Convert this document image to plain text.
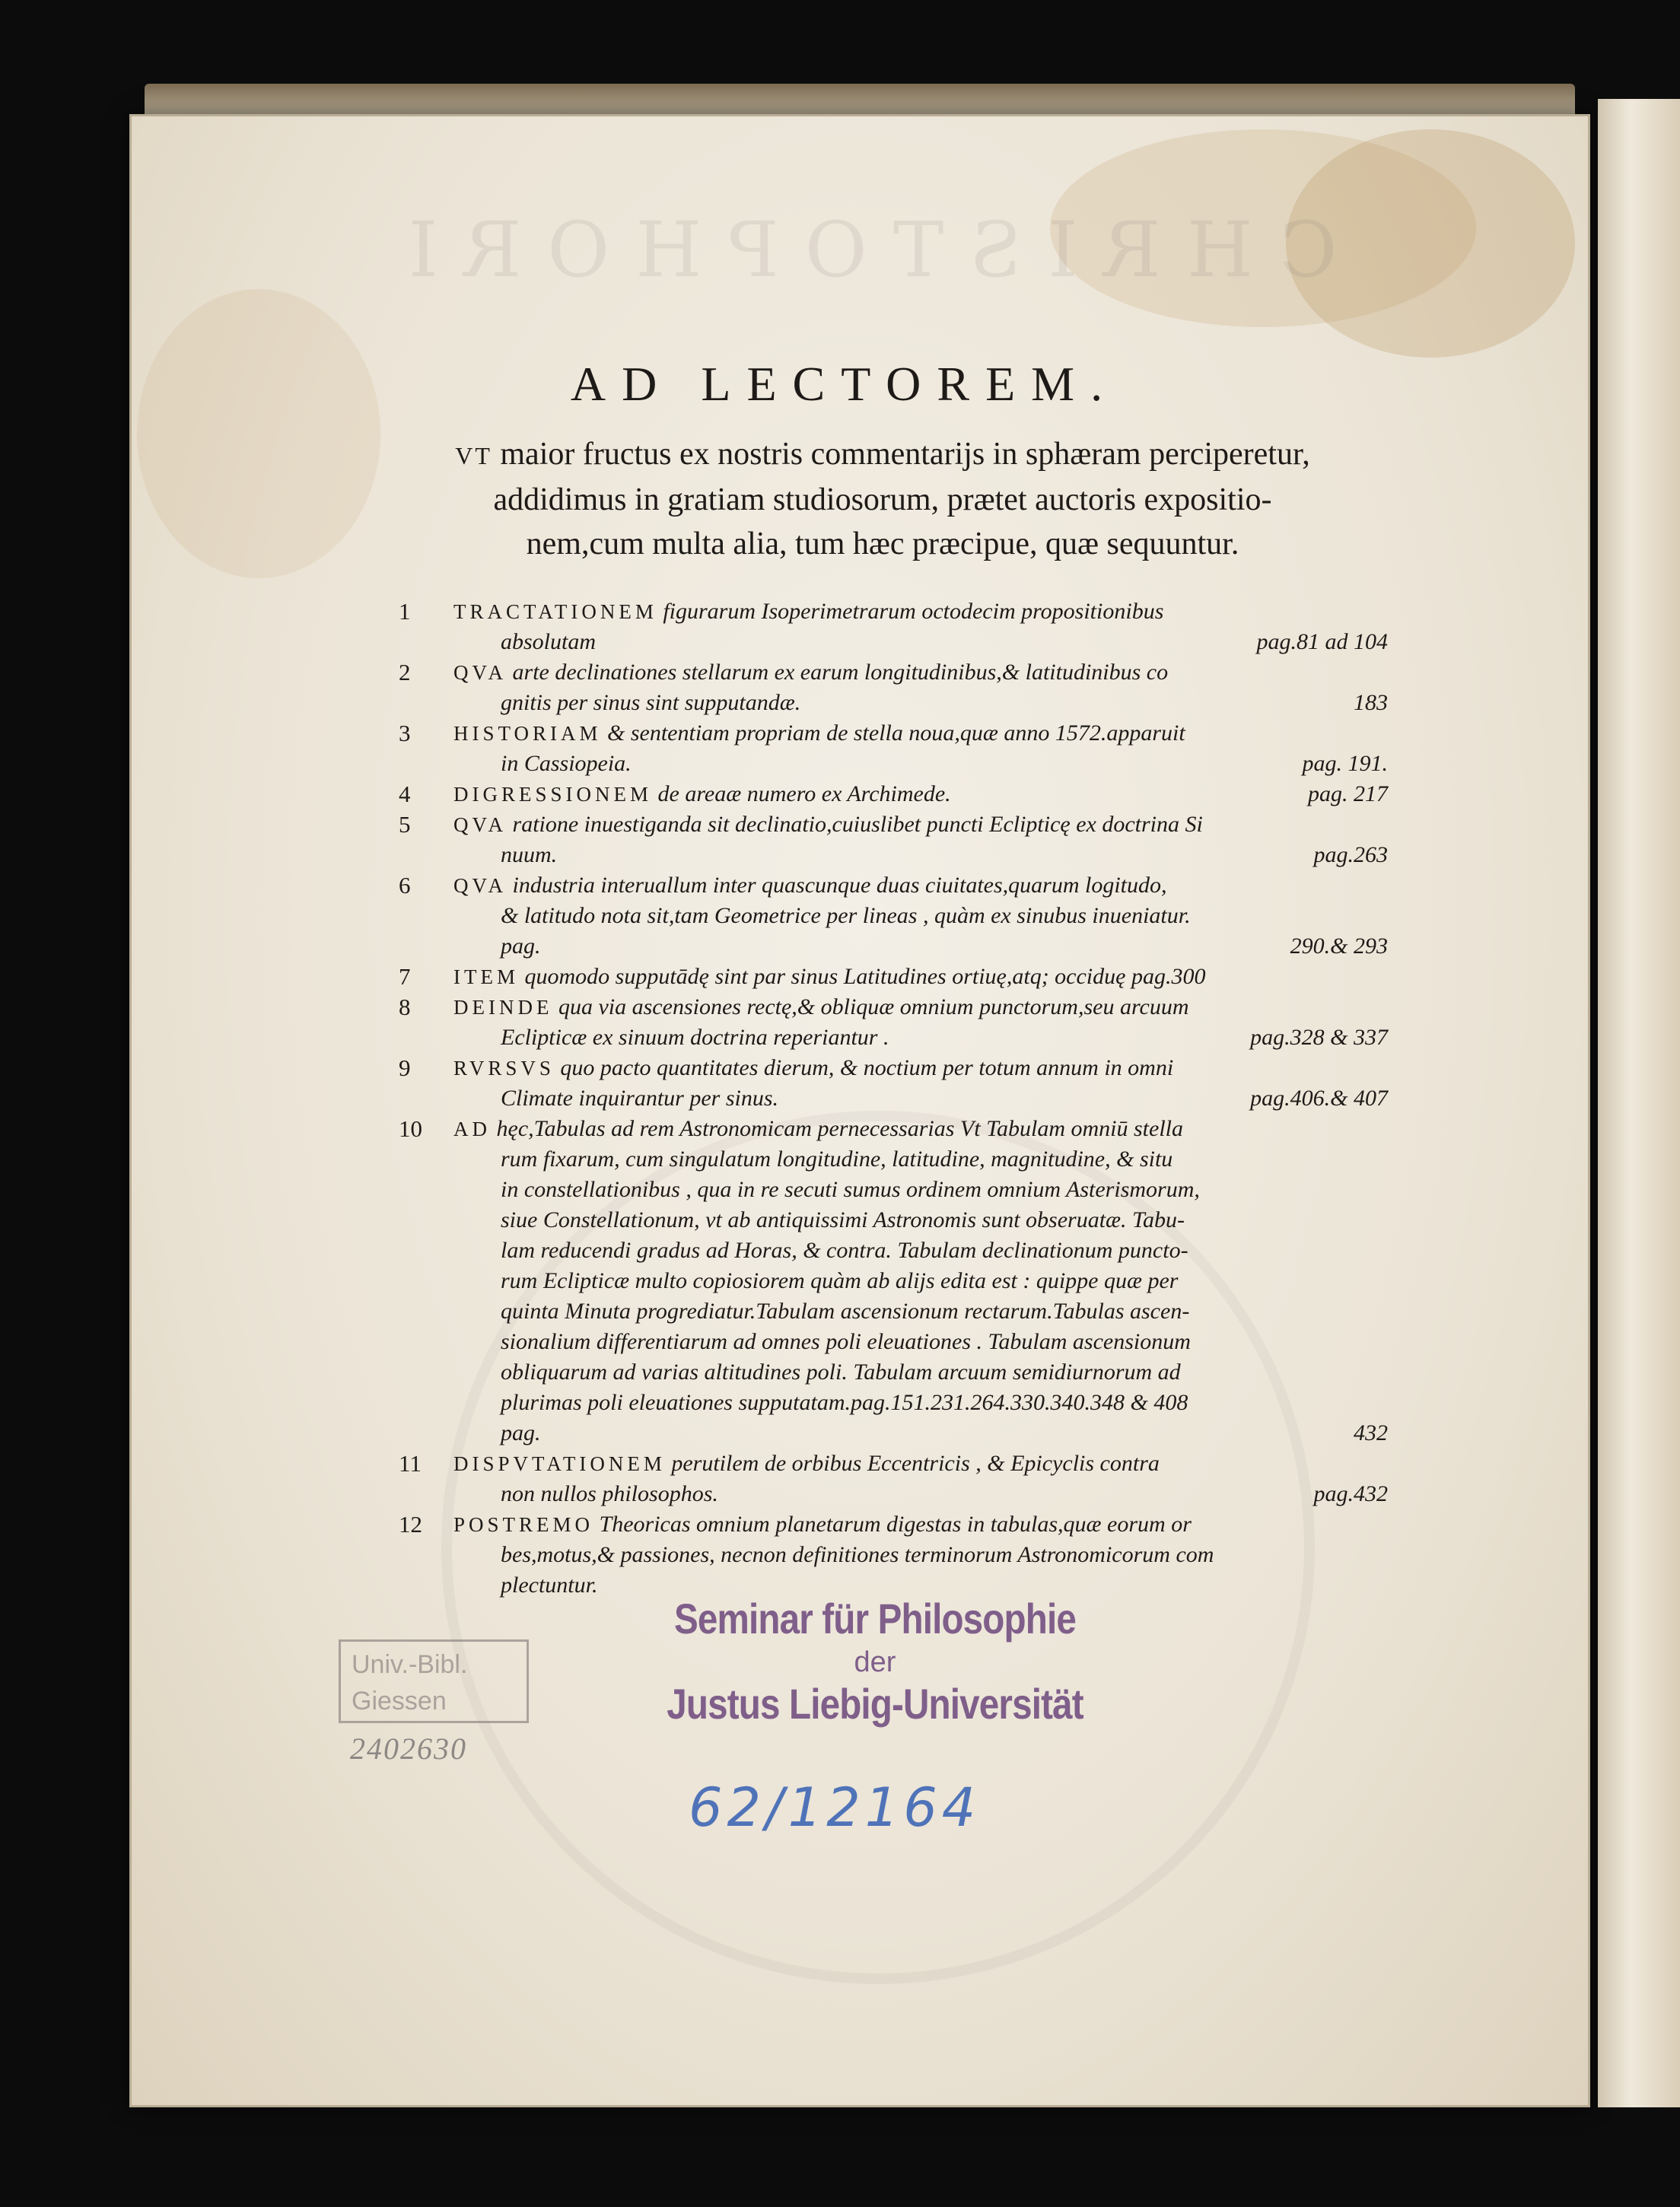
CHRISTOPHORI
AD LECTOREM.
VT maior fructus ex nostris commentarijs in sphæram perciperetur,
addidimus in gratiam studiosorum, prætet auctoris expositio-
nem,cum multa alia, tum hæc præcipue, quæ sequuntur.
1	TRACTATIONEM figurarum Isoperimetrarum octodecim propositionibus
absolutam	pag.81 ad 104
2	QVA arte declinationes stellarum ex earum longitudinibus,& latitudinibus co
gnitis per sinus sint supputandæ.	183
3	HISTORIAM & sententiam propriam de stella noua,quæ anno 1572.apparuit
in Cassiopeia.	pag. 191.
4	DIGRESSIONEM de areaæ numero ex Archimede.	pag. 217
5	QVA ratione inuestiganda sit declinatio,cuiuslibet puncti Eclipticę ex doctrina Si
nuum.	pag.263
6	QVA industria interuallum inter quascunque duas ciuitates,quarum logitudo,
& latitudo nota sit,tam Geometrice per lineas , quàm ex sinubus inueniatur.
pag.	290.& 293
7	ITEM quomodo supputādę sint par sinus Latitudines ortiuę,atq; occiduę pag.300
8	DEINDE qua via ascensiones rectę,& obliquæ omnium punctorum,seu arcuum
Eclipticæ ex sinuum doctrina reperiantur .	pag.328 & 337
9	RVRSVS quo pacto quantitates dierum, & noctium per totum annum in omni
Climate inquirantur per sinus.	pag.406.& 407
10	AD hęc,Tabulas ad rem Astronomicam pernecessarias Vt Tabulam omniū stella
rum fixarum, cum singulatum longitudine, latitudine, magnitudine, & situ
in constellationibus , qua in re secuti sumus ordinem omnium Asterismorum,
siue Constellationum, vt ab antiquissimi Astronomis sunt obseruatæ. Tabu-
lam reducendi gradus ad Horas, & contra. Tabulam declinationum puncto-
rum Eclipticæ multo copiosiorem quàm ab alijs edita est : quippe quæ per
quinta Minuta progrediatur.Tabulam ascensionum rectarum.Tabulas ascen-
sionalium differentiarum ad omnes poli eleuationes . Tabulam ascensionum
obliquarum ad varias altitudines poli. Tabulam arcuum semidiurnorum ad
plurimas poli eleuationes supputatam.pag.151.231.264.330.340.348 & 408
pag.	432
11	DISPVTATIONEM perutilem de orbibus Eccentricis , & Epicyclis contra
non nullos philosophos.	pag.432
12	POSTREMO Theoricas omnium planetarum digestas in tabulas,quæ eorum or
bes,motus,& passiones, necnon definitiones terminorum Astronomicorum com
plectuntur.
Univ.-Bibl.
Giessen
2402630
Seminar für Philosophie
der
Justus Liebig-Universität
62/12164
